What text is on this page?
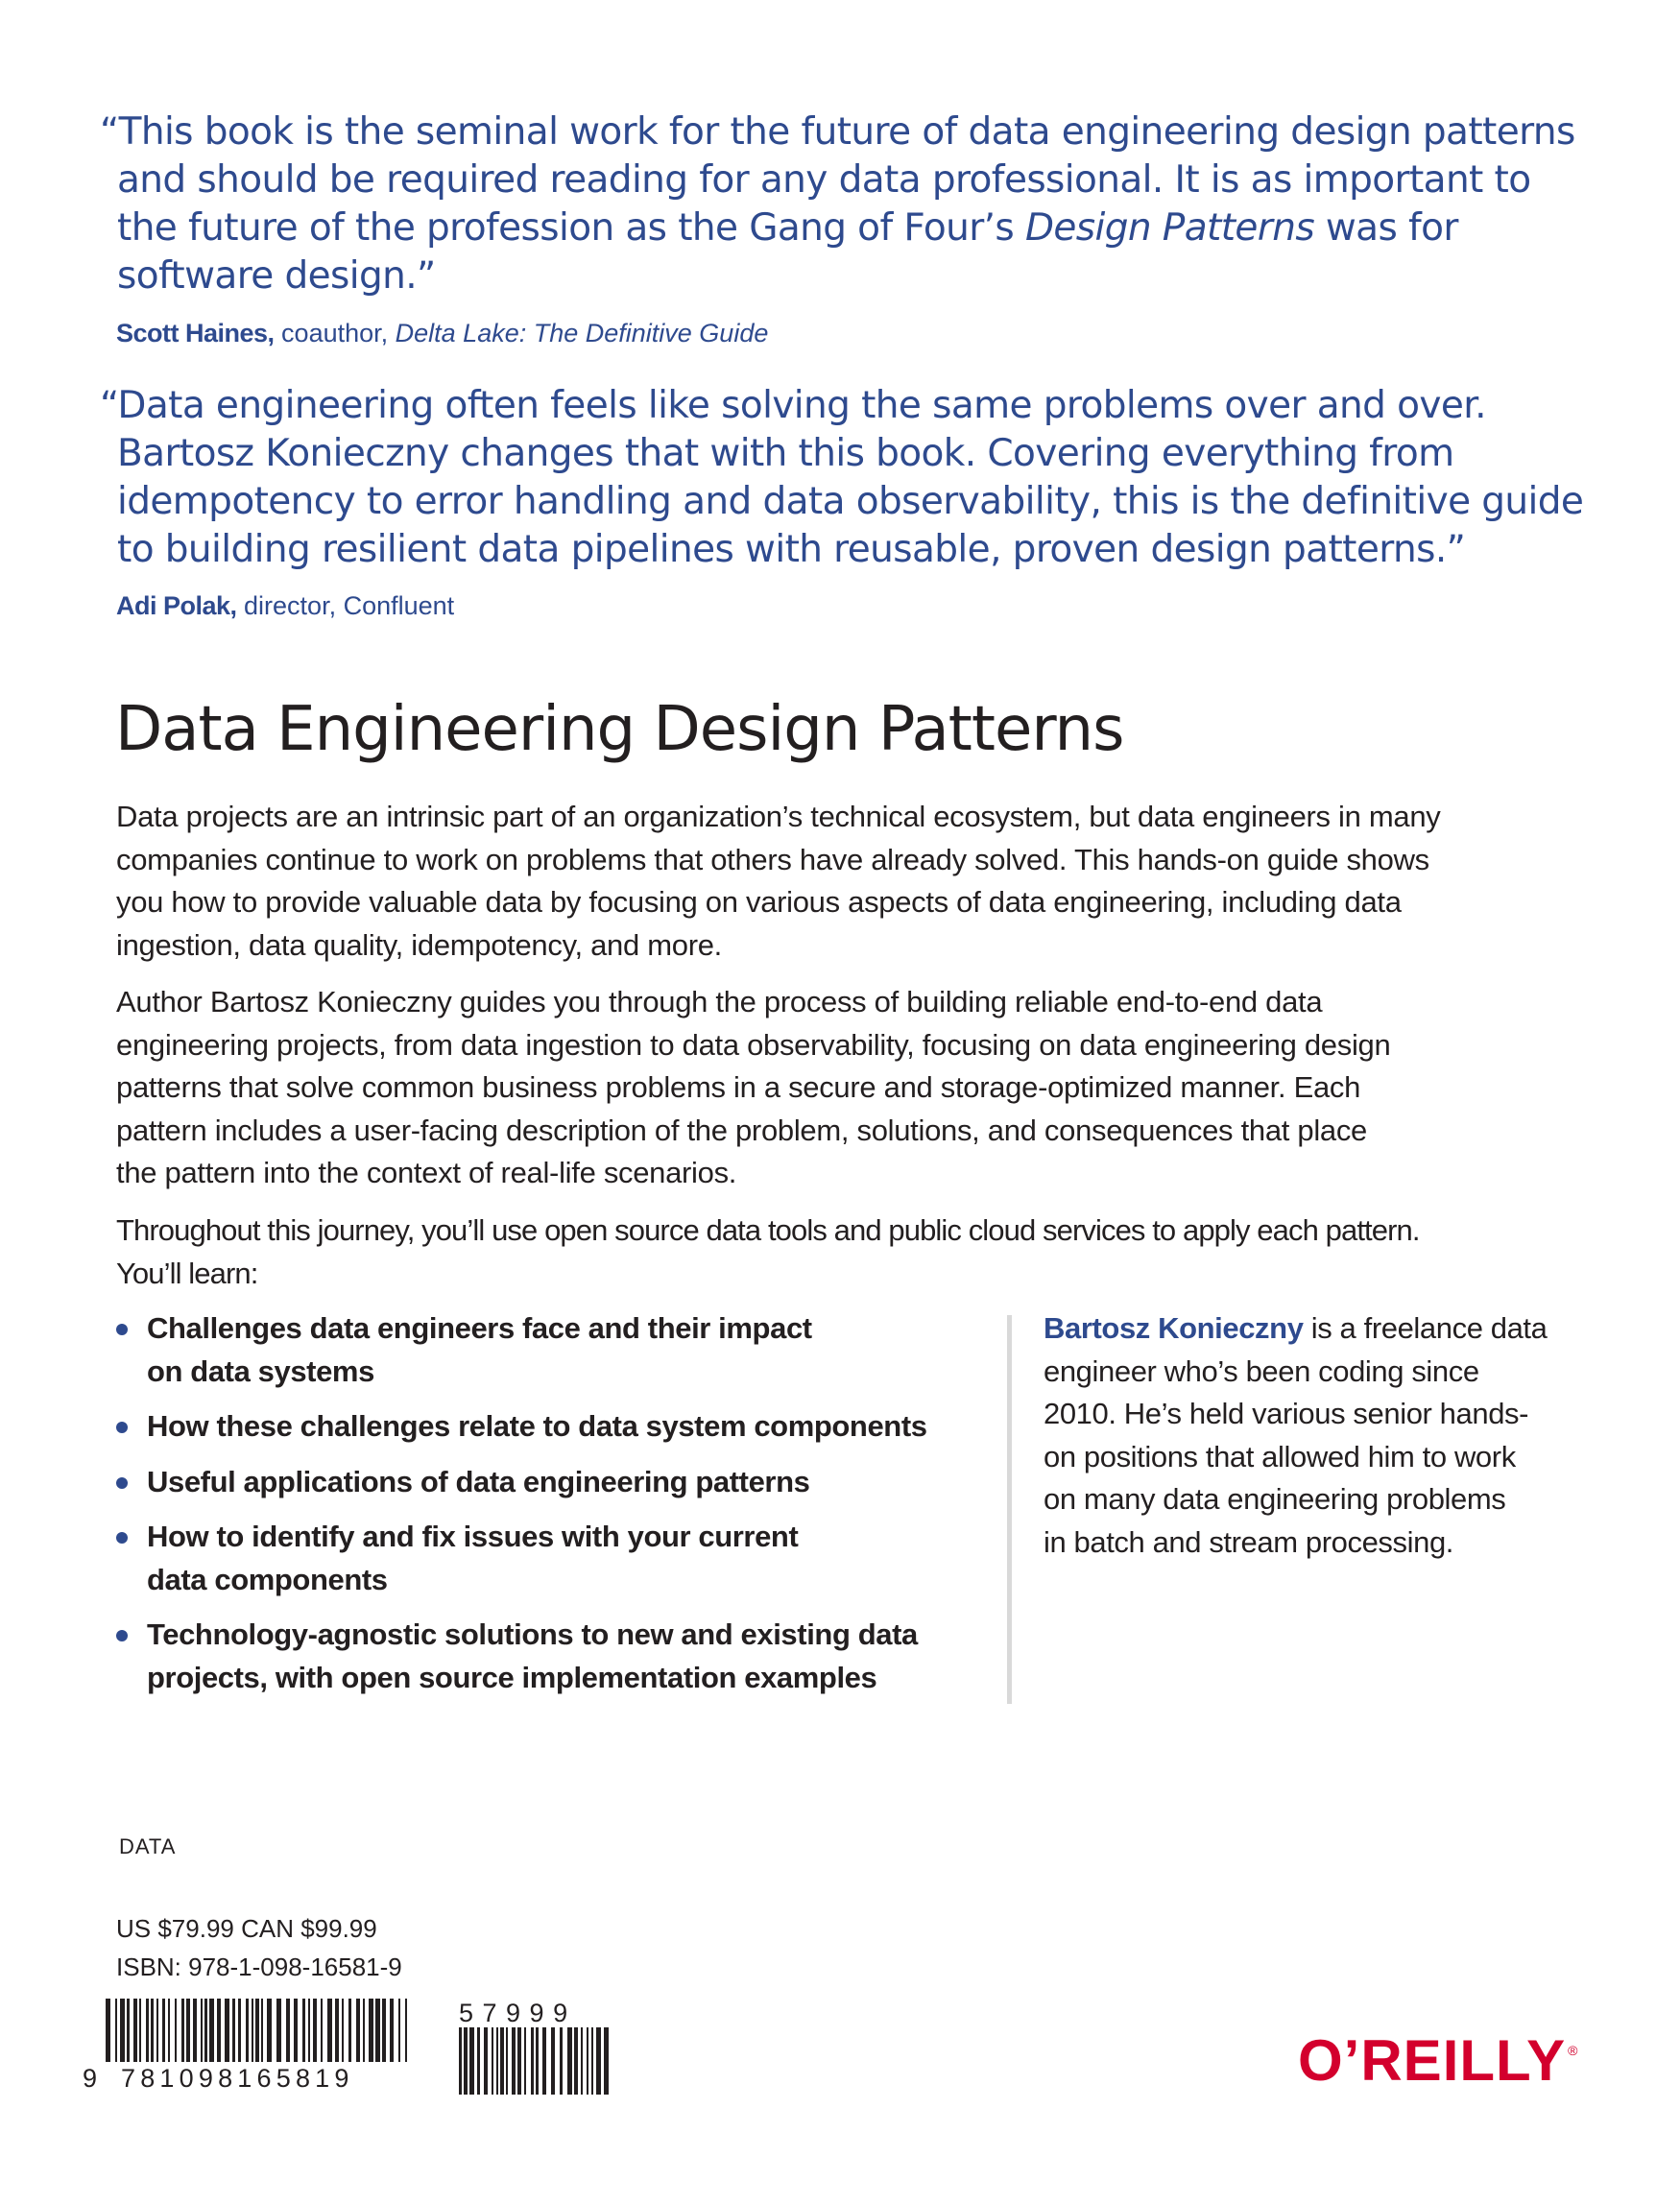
“This book is the seminal work for the future of data engineering design patterns
and should be required reading for any data professional. It is as important to
the future of the profession as the Gang of Four’s Design Patterns was for
software design.”
Scott Haines, coauthor, Delta Lake: The Definitive Guide
“Data engineering often feels like solving the same problems over and over.
Bartosz Konieczny changes that with this book. Covering everything from
idempotency to error handling and data observability, this is the definitive guide
to building resilient data pipelines with reusable, proven design patterns.”
Adi Polak, director, Confluent
Data Engineering Design Patterns
Data projects are an intrinsic part of an organization’s technical ecosystem, but data engineers in many
companies continue to work on problems that others have already solved. This hands-on guide shows
you how to provide valuable data by focusing on various aspects of data engineering, including data
ingestion, data quality, idempotency, and more.
Author Bartosz Konieczny guides you through the process of building reliable end-to-end data
engineering projects, from data ingestion to data observability, focusing on data engineering design
patterns that solve common business problems in a secure and storage-optimized manner. Each
pattern includes a user-facing description of the problem, solutions, and consequences that place
the pattern into the context of real-life scenarios.
Throughout this journey, you’ll use open source data tools and public cloud services to apply each pattern.
You’ll learn:
Challenges data engineers face and their impact
on data systems
How these challenges relate to data system components
Useful applications of data engineering patterns
How to identify and fix issues with your current
data components
Technology-agnostic solutions to new and existing data
projects, with open source implementation examples
Bartosz Konieczny is a freelance data
engineer who’s been coding since
2010. He’s held various senior hands-
on positions that allowed him to work
on many data engineering problems
in batch and stream processing.
DATA
US $79.99 CAN $99.99
ISBN: 978-1-098-16581-9
9 781098165819
5 7 9 9 9
O’REILLY ®
